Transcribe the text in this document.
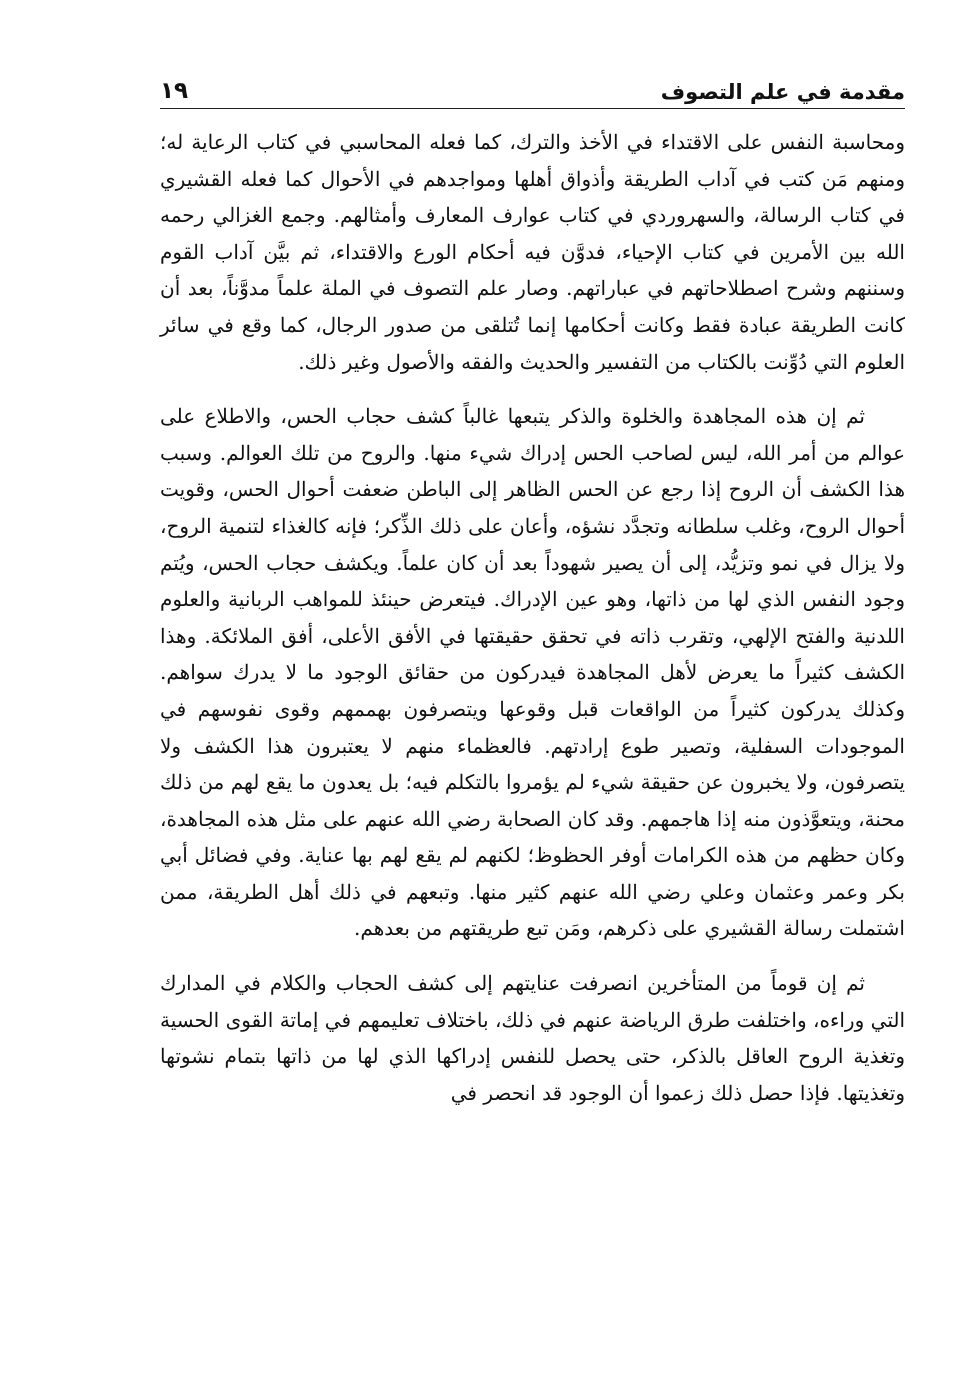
مقدمة في علم التصوف
١٩

ومحاسبة النفس على الاقتداء في الأخذ والترك، كما فعله المحاسبي في كتاب الرعاية له؛ ومنهم مَن كتب في آداب الطريقة وأذواق أهلها ومواجدهم في الأحوال كما فعله القشيري في كتاب الرسالة، والسهروردي في كتاب عوارف المعارف وأمثالهم. وجمع الغزالي رحمه الله بين الأمرين في كتاب الإحياء، فدوَّن فيه أحكام الورع والاقتداء، ثم بيَّن آداب القوم وسننهم وشرح اصطلاحاتهم في عباراتهم. وصار علم التصوف في الملة علماً مدوَّناً، بعد أن كانت الطريقة عبادة فقط وكانت أحكامها إنما تُتلقى من صدور الرجال، كما وقع في سائر العلوم التي دُوِّنت بالكتاب من التفسير والحديث والفقه والأصول وغير ذلك.

ثم إن هذه المجاهدة والخلوة والذكر يتبعها غالباً كشف حجاب الحس، والاطلاع على عوالم من أمر الله، ليس لصاحب الحس إدراك شيء منها. والروح من تلك العوالم. وسبب هذا الكشف أن الروح إذا رجع عن الحس الظاهر إلى الباطن ضعفت أحوال الحس، وقويت أحوال الروح، وغلب سلطانه وتجدَّد نشؤه، وأعان على ذلك الذِّكر؛ فإنه كالغذاء لتنمية الروح، ولا يزال في نمو وتزيُّد، إلى أن يصير شهوداً بعد أن كان علماً. ويكشف حجاب الحس، ويُتم وجود النفس الذي لها من ذاتها، وهو عين الإدراك. فيتعرض حينئذ للمواهب الربانية والعلوم اللدنية والفتح الإلهي، وتقرب ذاته في تحقق حقيقتها في الأفق الأعلى، أفق الملائكة. وهذا الكشف كثيراً ما يعرض لأهل المجاهدة فيدركون من حقائق الوجود ما لا يدرك سواهم. وكذلك يدركون كثيراً من الواقعات قبل وقوعها ويتصرفون بهممهم وقوى نفوسهم في الموجودات السفلية، وتصير طوع إرادتهم. فالعظماء منهم لا يعتبرون هذا الكشف ولا يتصرفون، ولا يخبرون عن حقيقة شيء لم يؤمروا بالتكلم فيه؛ بل يعدون ما يقع لهم من ذلك محنة، ويتعوَّذون منه إذا هاجمهم. وقد كان الصحابة رضي الله عنهم على مثل هذه المجاهدة، وكان حظهم من هذه الكرامات أوفر الحظوظ؛ لكنهم لم يقع لهم بها عناية. وفي فضائل أبي بكر وعمر وعثمان وعلي رضي الله عنهم كثير منها. وتبعهم في ذلك أهل الطريقة، ممن اشتملت رسالة القشيري على ذكرهم، ومَن تبع طريقتهم من بعدهم.

ثم إن قوماً من المتأخرين انصرفت عنايتهم إلى كشف الحجاب والكلام في المدارك التي وراءه، واختلفت طرق الرياضة عنهم في ذلك، باختلاف تعليمهم في إماتة القوى الحسية وتغذية الروح العاقل بالذكر، حتى يحصل للنفس إدراكها الذي لها من ذاتها بتمام نشوتها وتغذيتها. فإذا حصل ذلك زعموا أن الوجود قد انحصر في
